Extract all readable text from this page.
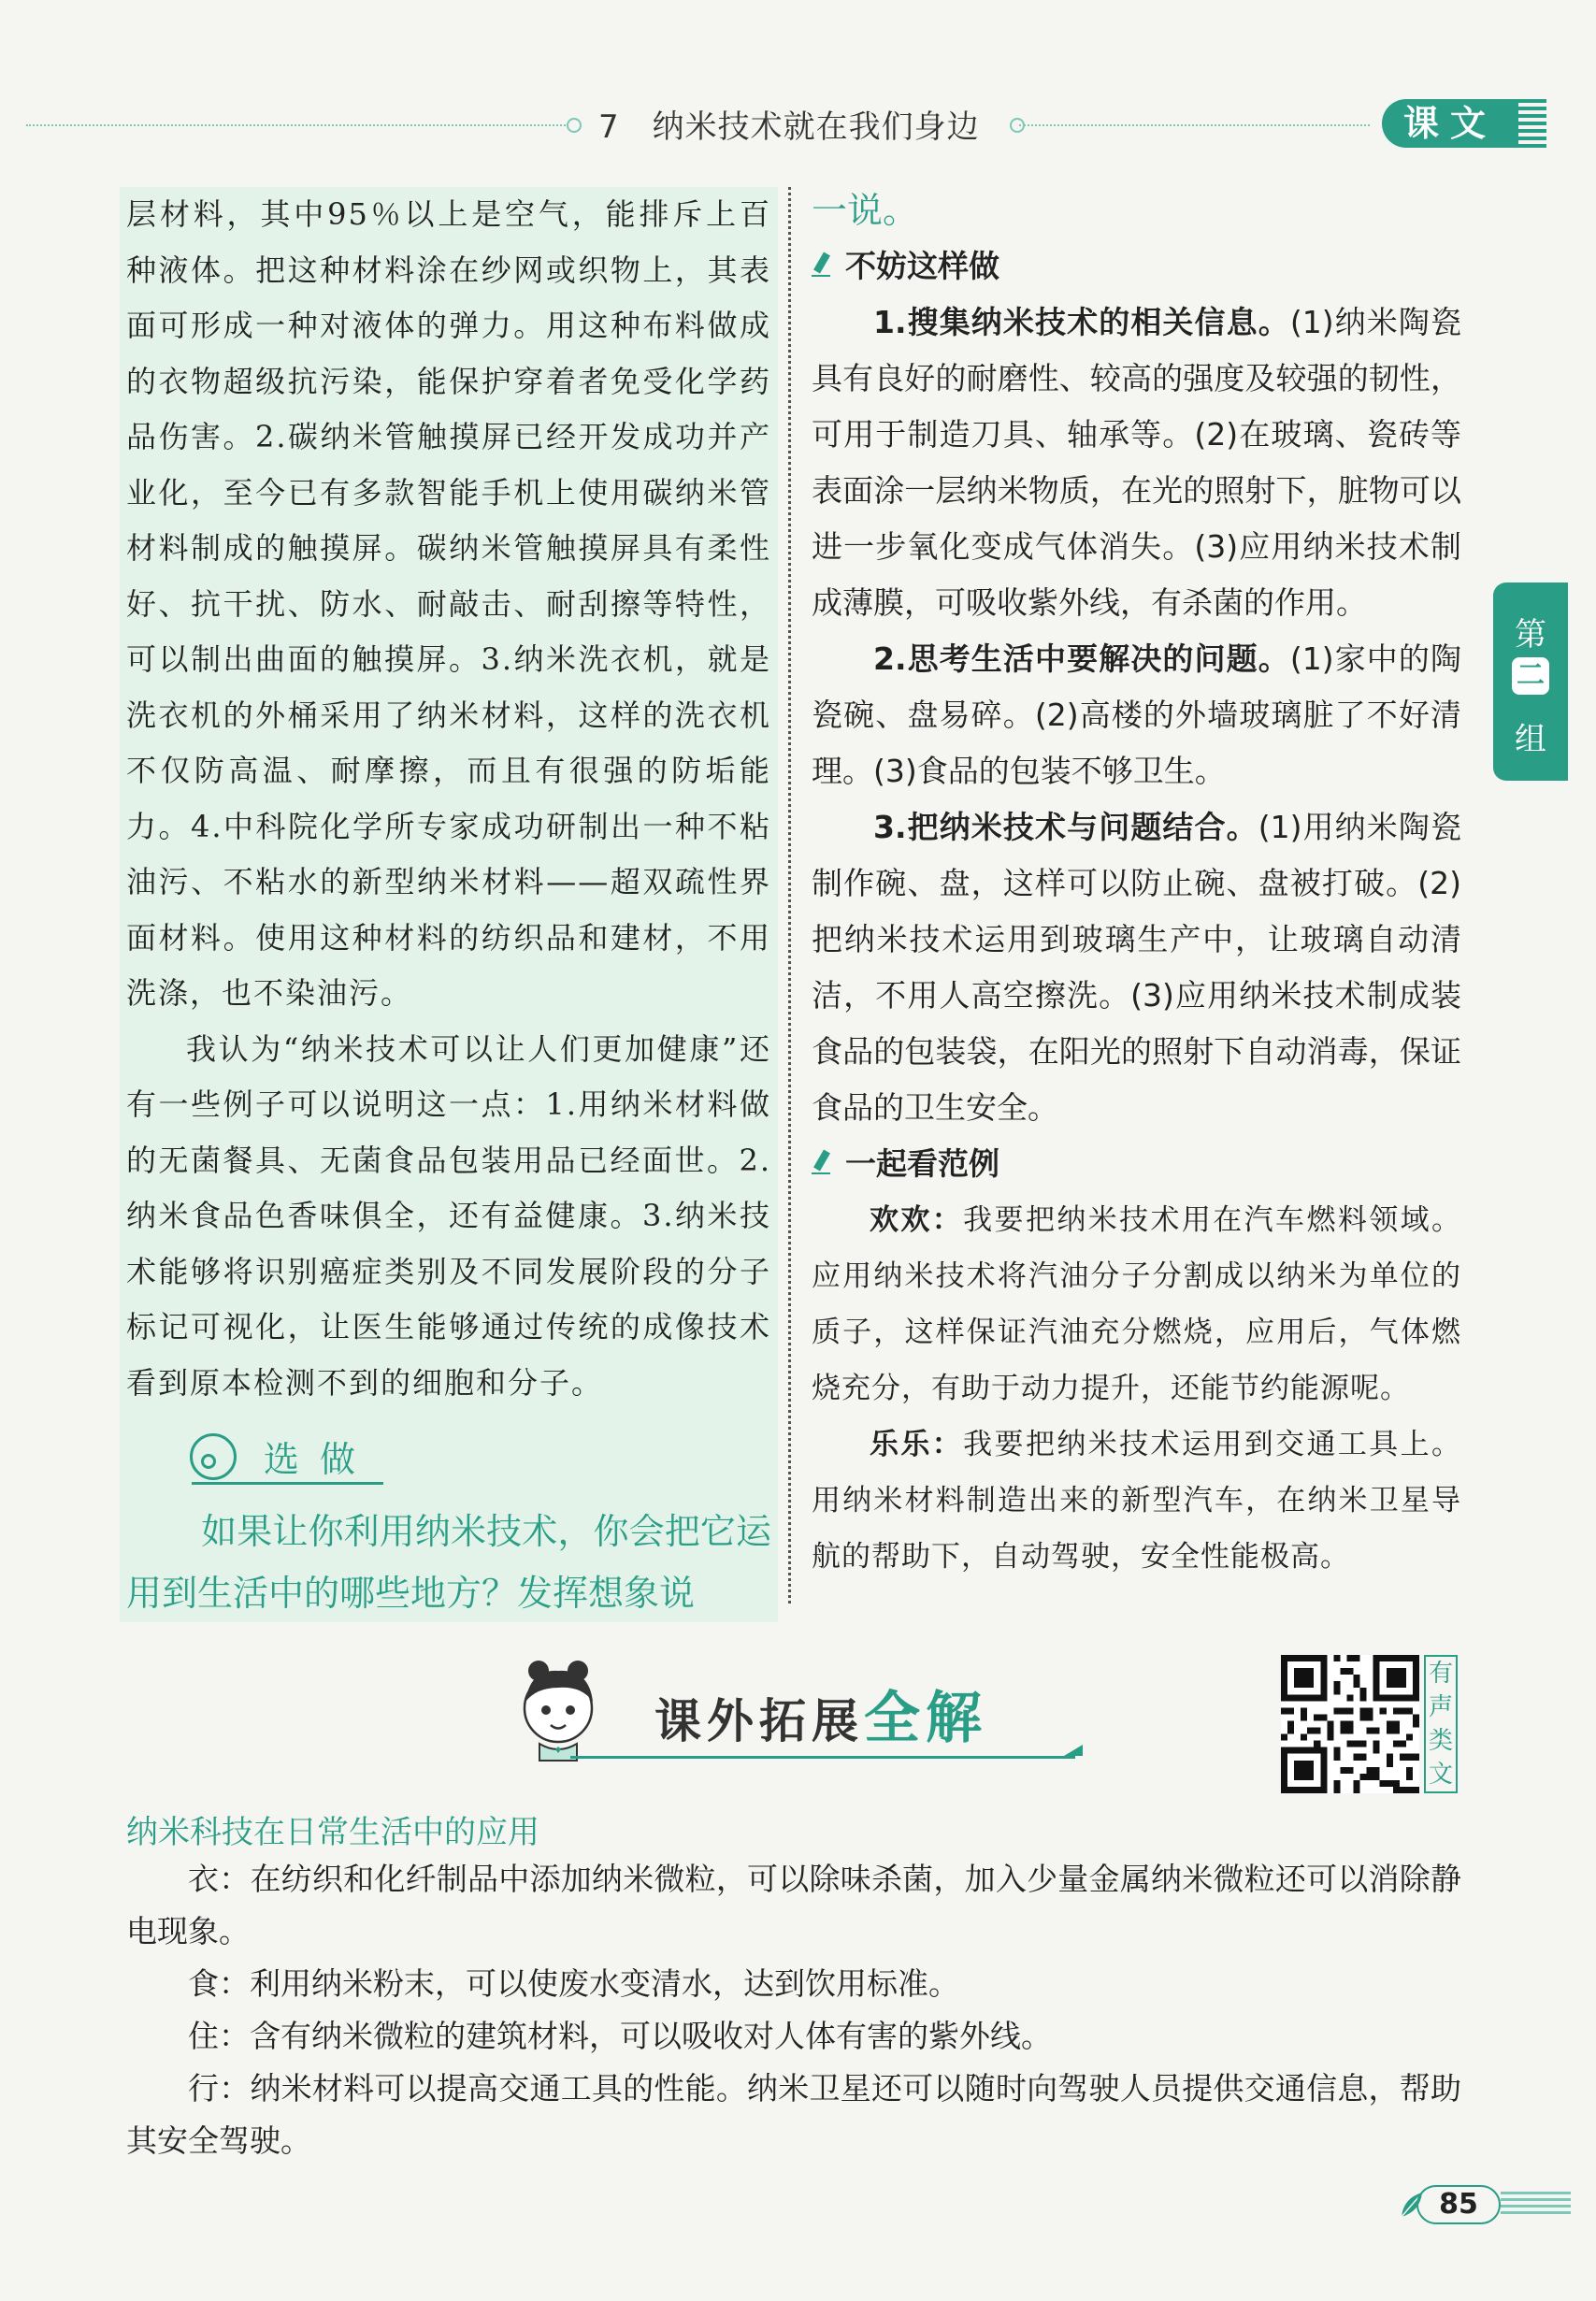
7　纳米技术就在我们身边	课文
层材料，其中95％以上是空气，能排斥上百种液体。把这种材料涂在纱网或织物上，其表面可形成一种对液体的弹力。用这种布料做成的衣物超级抗污染，能保护穿着者免受化学药品伤害。2.碳纳米管触摸屏已经开发成功并产业化，至今已有多款智能手机上使用碳纳米管材料制成的触摸屏。碳纳米管触摸屏具有柔性好、抗干扰、防水、耐敲击、耐刮擦等特性，可以制出曲面的触摸屏。3.纳米洗衣机，就是洗衣机的外桶采用了纳米材料，这样的洗衣机不仅防高温、耐摩擦，而且有很强的防垢能力。4.中科院化学所专家成功研制出一种不粘油污、不粘水的新型纳米材料——超双疏性界面材料。使用这种材料的纺织品和建材，不用洗涤，也不染油污。
我认为“纳米技术可以让人们更加健康”还有一些例子可以说明这一点：1.用纳米材料做的无菌餐具、无菌食品包装用品已经面世。2.纳米食品色香味俱全，还有益健康。3.纳米技术能够将识别癌症类别及不同发展阶段的分子标记可视化，让医生能够通过传统的成像技术看到原本检测不到的细胞和分子。
选做
如果让你利用纳米技术，你会把它运用到生活中的哪些地方？发挥想象说

一说。

不妨这样做

1.搜集纳米技术的相关信息。(1)纳米陶瓷具有良好的耐磨性、较高的强度及较强的韧性，可用于制造刀具、轴承等。(2)在玻璃、瓷砖等表面涂一层纳米物质，在光的照射下，脏物可以进一步氧化变成气体消失。(3)应用纳米技术制成薄膜，可吸收紫外线，有杀菌的作用。

2.思考生活中要解决的问题。(1)家中的陶瓷碗、盘易碎。(2)高楼的外墙玻璃脏了不好清理。(3)食品的包装不够卫生。

3.把纳米技术与问题结合。(1)用纳米陶瓷制作碗、盘，这样可以防止碗、盘被打破。(2)把纳米技术运用到玻璃生产中，让玻璃自动清洁，不用人高空擦洗。(3)应用纳米技术制成装食品的包装袋，在阳光的照射下自动消毒，保证食品的卫生安全。

一起看范例

欢欢：我要把纳米技术用在汽车燃料领域。应用纳米技术将汽油分子分割成以纳米为单位的质子，这样保证汽油充分燃烧，应用后，气体燃烧充分，有助于动力提升，还能节约能源呢。

乐乐：我要把纳米技术运用到交通工具上。用纳米材料制造出来的新型汽车，在纳米卫星导航的帮助下，自动驾驶，安全性能极高。

第
二
组
课外拓展全解
有声类文
纳米科技在日常生活中的应用

衣：在纺织和化纤制品中添加纳米微粒，可以除味杀菌，加入少量金属纳米微粒还可以消除静电现象。

食：利用纳米粉末，可以使废水变清水，达到饮用标准。

住：含有纳米微粒的建筑材料，可以吸收对人体有害的紫外线。

行：纳米材料可以提高交通工具的性能。纳米卫星还可以随时向驾驶人员提供交通信息，帮助其安全驾驶。

85
